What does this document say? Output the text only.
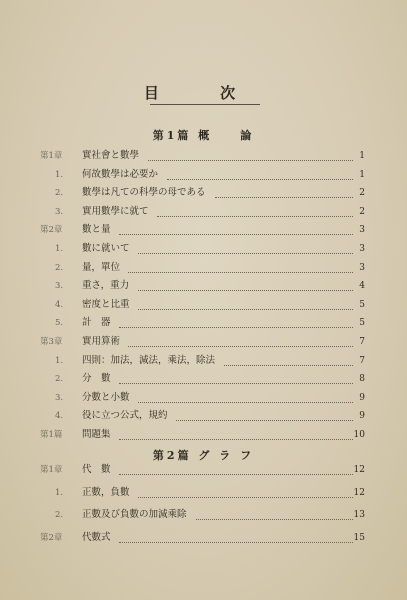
目 次
第1篇 概　　論
第1章	實社會と數學	1
1.	何故數學は必要か	1
2.	數學は凡ての科學の母である	2
3.	實用數學に就て	2
第2章	數と量	3
1.	數に就いて	3
2.	量，單位	3
3.	重さ，重力	4
4.	密度と比重	5
5.	計　器	5
第3章	實用算術	7
1.	四則：加法，減法，乘法，除法	7
2.	分　數	8
3.	分數と小數	9
4.	役に立つ公式，規約	9
第1篇	問題集	10
第2篇 グ ラ フ
第1章	代　數	12
1.	正數，負數	12
2.	正數及び負數の加減乘除	13
第2章	代數式	15
